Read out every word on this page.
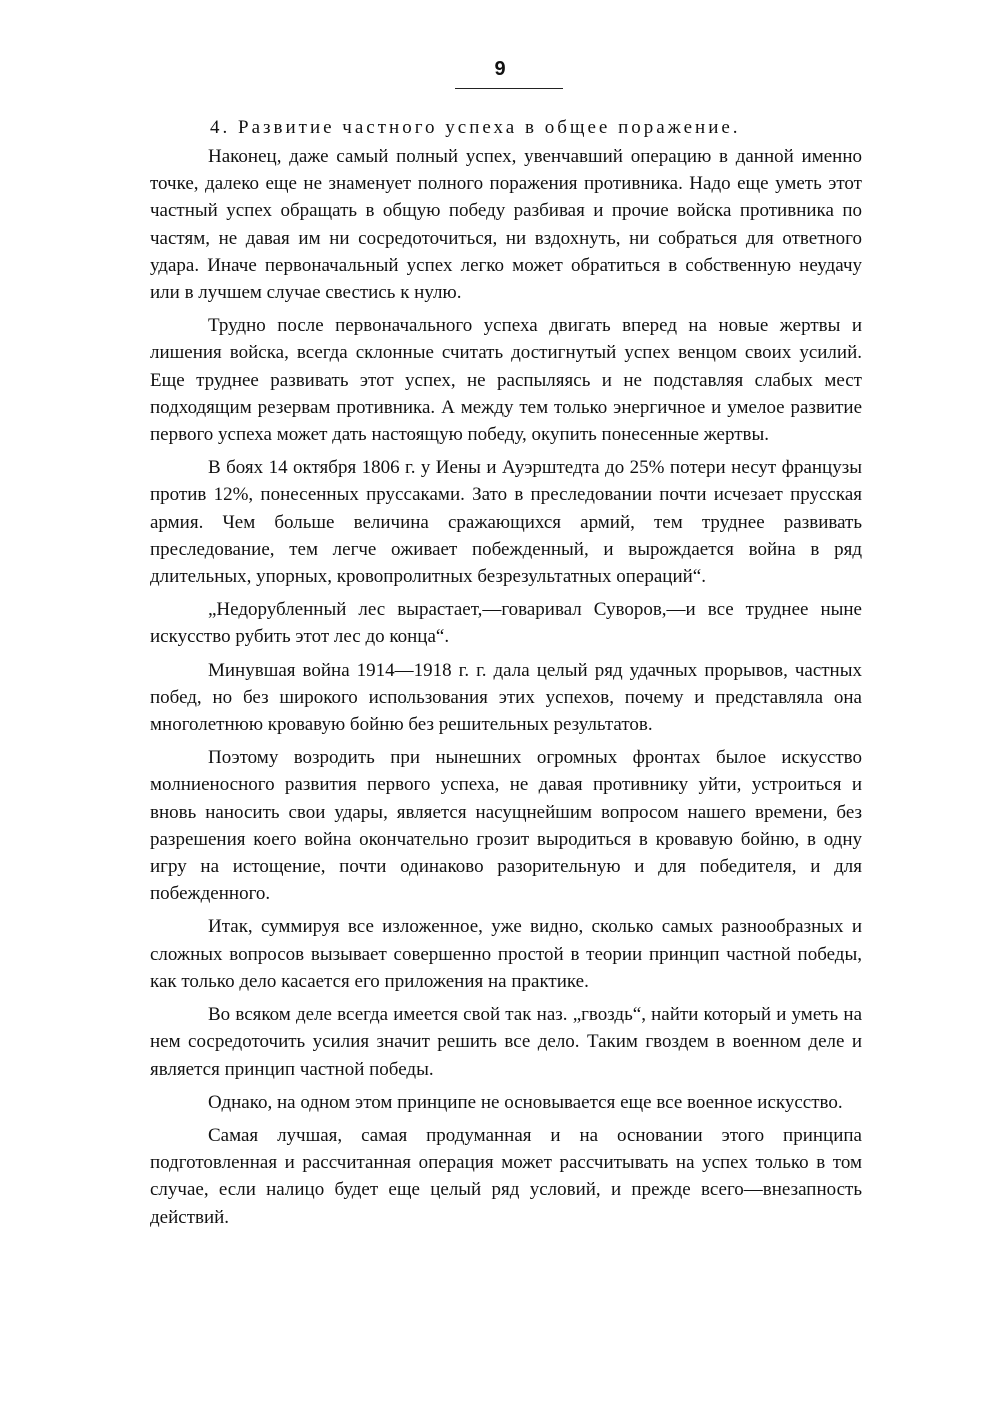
9
4. Развитие частного успеха в общее поражение.

Наконец, даже самый полный успех, увенчавший операцию в данной именно точке, далеко еще не знаменует полного поражения противника. Надо еще уметь этот частный успех обращать в общую победу разбивая и прочие войска противника по частям, не давая им ни сосредоточиться, ни вздохнуть, ни собраться для ответного удара. Иначе первоначальный успех легко может обратиться в собственную неудачу или в лучшем случае свестись к нулю.

Трудно после первоначального успеха двигать вперед на новые жертвы и лишения войска, всегда склонные считать достигнутый успех венцом своих усилий. Еще труднее развивать этот успех, не распыляясь и не подставляя слабых мест подходящим резервам противника. А между тем только энергичное и умелое развитие первого успеха может дать настоящую победу, окупить понесенные жертвы.

В боях 14 октября 1806 г. у Иены и Ауэрштедта до 25% потери несут французы против 12%, понесенных пруссаками. Зато в преследовании почти исчезает прусская армия. Чем больше величина сражающихся армий, тем труднее развивать преследование, тем легче оживает побежденный, и вырождается война в ряд длительных, упорных, кровопролитных безрезультатных операций“.

„Недорубленный лес вырастает,—говаривал Суворов,—и все труднее ныне искусство рубить этот лес до конца“.

Минувшая война 1914—1918 г. г. дала целый ряд удачных прорывов, частных побед, но без широкого использования этих успехов, почему и представляла она многолетнюю кровавую бойню без решительных результатов.

Поэтому возродить при нынешних огромных фронтах былое искусство молниеносного развития первого успеха, не давая противнику уйти, устроиться и вновь наносить свои удары, является насущнейшим вопросом нашего времени, без разрешения коего война окончательно грозит выродиться в кровавую бойню, в одну игру на истощение, почти одинаково разорительную и для победителя, и для побежденного.

Итак, суммируя все изложенное, уже видно, сколько самых разнообразных и сложных вопросов вызывает совершенно простой в теории принцип частной победы, как только дело касается его приложения на практике.

Во всяком деле всегда имеется свой так наз. „гвоздь“, найти который и уметь на нем сосредоточить усилия значит решить все дело. Таким гвоздем в военном деле и является принцип частной победы.

Однако, на одном этом принципе не основывается еще все военное искусство.

Самая лучшая, самая продуманная и на основании этого принципа подготовленная и рассчитанная операция может рассчитывать на успех только в том случае, если налицо будет еще целый ряд условий, и прежде всего—внезапность действий.
